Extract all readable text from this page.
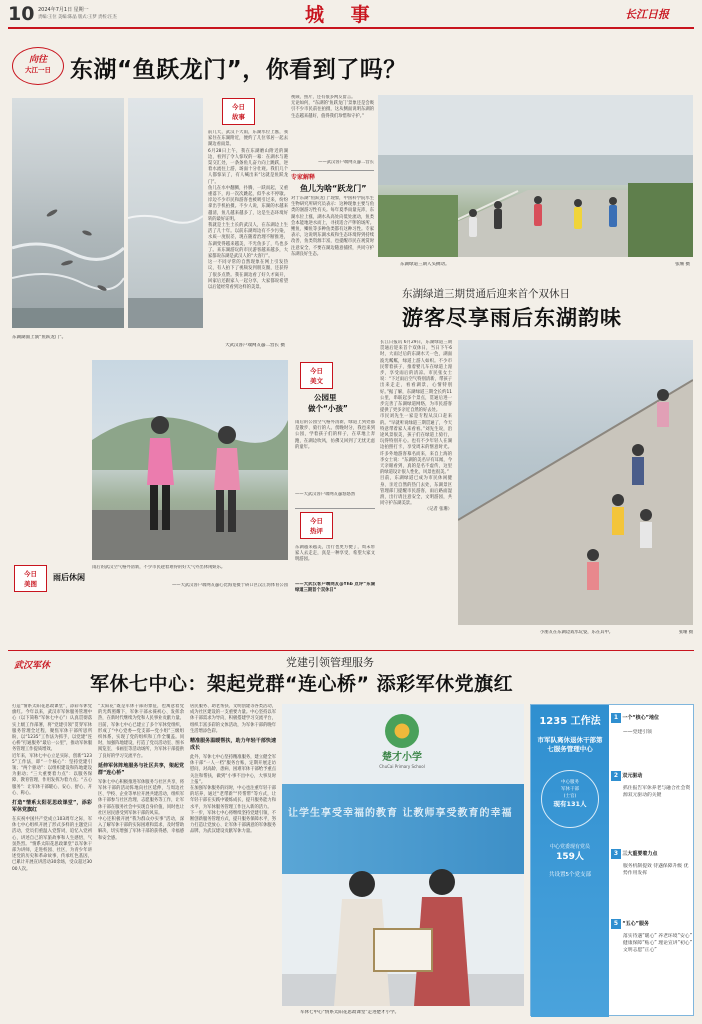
10 2024年7月1日 星期一
责编:王位 美编:陈晶 版式:王梦 责校:汪杰	城 事	长江日报
向往
大江一日 东湖“鱼跃龙门”，你看到了吗？
东湖湖面上演“鱼跃龙门”。
大武汉客户端网友@二营长 摄
今日
故事

前几天，武汉下大雨，东湖水位上涨，我家住在东湖附近，便约了几位邻居一起去湖边看雨景。

6月28日上午，我在东湖磨山附近的湖边，看到了令人惊叹的一幕：在湖水与港渠交汇处，一条条鱼儿奋力向上跳跃，逆着水流往上游，场面十分壮观。我们几个人都惊呆了，有人喊出来“这就是鱼跃龙门”。

鱼儿在水中翻腾，扑腾，一跃而起，又重重落下，再一次次跳起，似乎永不停歇。岸边不少市民和游客也被吸引过来，纷纷拿出手机拍摄。不少人说，东湖的水越来越清，鱼儿越来越多了，这是生态环境好转的最好证明。

我就是土生土长的武汉人，在东湖边上生活了几十年。以前东湖周边有不少污染，水质一度很差，现在随着治理不断推进，东湖变得越来越美，不光鱼多了，鸟也多了。来东湖游玩的市民游客越来越多，大家都说东湖是武汉人的“大客厅”。

这一不同寻常的自然现象在网上引发热议，有人拍下了视频发到朋友圈，还获得了很多点赞。我在湖边看了好久才离开，回家后还跟家人一起分享，大家都说希望以后能经常看到这样的美景。

视频、照片，还有很多网友留言。

无论如何，“东湖的‘鱼跃龙门’景象还是会吸引不少市民前往拍摄，这从侧面说明东湖的生态越来越好，值得我们珍惜和守护。”

——武汉客户端网友@二营长
专家解释
鱼儿为啥“跃龙门”
对于东湖“鱼跃龙门”现象，中国科学院水生生物研究所研究员表示：这种现象主要与鱼类的洄游习性有关。每年夏季雨量充沛，东湖水位上涨，湖水从高处向低处流动，鱼类会本能地逆水而上，寻找适合产卵的场所。鲤鱼、鲫鱼等多种鱼类都有这种习性。专家表示，这说明东湖水质和生态环境得到持续改善，鱼类资源丰富，也提醒市民在观赏时注意安全，不要在湖边随意捕捞，共同守护东湖良好生态。
东湖绿道三期人头攒动。	张珊 摄
东湖绿道三期贯通后迎来首个双休日
游客尽享雨后东湖韵味
今日
美文
公园里
做个“小孩”
雨后的公园空气格外清新，绿道上到处都是散步、骑行的人。傍晚时分，我也来到公园，学着孩子们的样子，在草地上奔跑，在湖边吹风，仿佛又回到了无忧无虑的童年。
——大武汉客户端网友@悠悠然
今日
热评
东湖越来越美，出行也更方便了，周末带家人去走走，真是一种享受，希望大家文明游园。
——大武汉客户端网友@Yhb 点评“东湖绿道三期首个双休日”
今日
美图
雨后休闲
雨后的武汉空气格外清新，不少市民趁着难得的好天气外出休闲娱乐。
——大武汉客户端网友@心比海宽摄于硚口区汉江湾体育公园

长江日报讯 6月29日，东湖绿道三期贯通后迎来首个双休日，当日下午6时，大雨过后的东湖水天一色，湖面波光粼粼，绿道上游人如织。不少市民带着孩子、推着婴儿车在绿道上漫步，享受雨后的清凉。市民张女士说：“下过雨后空气特别清新，带孩子出来走走，看看湖景，心情特别好。”据了解，东湖绿道三期全长约11公里，串联起多个景点，贯通后进一步完善了东湖绿道网络，为市民游客提供了更多亲近自然的好去处。

市民刘先生一家是专程从汉口赶来的。“早就听说绿道三期贯通了，今天特意带着家人来看看。”刘先生说，沿途风景很美，孩子们在绿道上骑行，玩得特别开心。也有不少年轻人在湖边拍照打卡，享受周末的惬意时光。许多外地游客慕名而来，来自上海的李女士说：“东湖的美名早有耳闻，今天亲眼看到，真的是名不虚传，这里的绿道设计很人性化，风景也很美。”

目前，东湖绿道已成为市民休闲健身、亲近自然的热门去处，东湖景区管理部门提醒市民游客，雨后路面湿滑，出行请注意安全，文明游园，共同守护东湖美景。

（记者 张珊）

小朋友在东湖边戏水玩耍，乐在其中。	张珊 摄
武汉军休	党建引领管理服务
军休七中心：架起党群“连心桥” 添彩军休党旗红

打造“情系太阳花思政课堂”，添彩军休党旗红。今年以来，武汉市军休服务管理中心（以下简称“军休七中心”）认真贯彻落实上级工作部署，将“党建引领”贯穿军休服务管理全过程，聚焦军休干部所思所盼，以“1235”工作法为抓手，以党建“连心桥”打通服务“最后一公里”，推动军休服务管理工作提质增效。

近年来，军休七中心立足实际，创新“1235”工作法，即“一个核心”：坚持党建引领；“两个驱动”：以组织建设和阵地建设为驱动；“三大重要着力点”：以服务保障、教育管理、作用发挥为着力点；“五心服务”：让军休干部暖心、安心、舒心、开心、称心。

打造“情系太阳花思政课堂”，添彩军休党旗红

在庆祝中国共产党成立103周年之际，军休七中心组织开展了形式多样的主题党日活动，党员们重温入党誓词，追忆入党初心，讲述自己的军旅故事和人生感悟，气氛热烈。“情系太阳花思政课堂”以军休干部为讲师，走进校园、社区，为青少年讲述党的历史和革命故事，传承红色基因，已累计开展宣讲活动30余场，受众超过3000人次。

“太阳花”既是军休干部的象征，也寓意着党的光辉照耀下，军休干部永葆初心、发挥余热，在新时代继续为党和人民事业贡献力量。

目前，军休七中心已建立了多个军休党组织，形成了“中心党委—党支部—党小组”三级组织体系，实现了党的组织和工作全覆盖。同时，加强阵地建设，打造了党员活动室、图书阅览室、书画室等活动场所，为军休干部提供了良好的学习交流平台。

延伸军休阵地服务与社区共享，架起党群“连心桥”

军休七中心积极推进军休服务与社区共享，将军休干部的活动阵地向社区延伸，与周边社区、学校、企业等单位开展共建活动，组织军休干部参与社区治理、志愿服务等工作，让军休干部在服务社会中实现自身价值，同时也让社区居民感受到军休干部的风采。

中心还积极开展“我为群众办实事”活动，深入了解军休干部的实际困难和需求，及时帮助解决，切实增强了军休干部的获得感、幸福感和安全感。

居民服务、助老帮扶、文明创建等各类活动，成为社区建设的一支重要力量。中心坚持以军休干部需求为导向，积极搭建学习交流平台，组织丰富多彩的文体活动，为军休干部的晚年生活增添色彩。

精准服务温暖帮扶，助力年轻干部快速成长

此外，军休七中心坚持精准服务，建立健全军休干部“一人一档”服务台账，定期开展走访慰问，对高龄、患病、困难军休干部给予重点关注和帮扶，做到“小事不出中心，大事及时上报”。

在加强军休服务的同时，中心也注重年轻干部的培养，通过“老带新”“传帮带”等方式，让年轻干部在实践中锻炼成长，提升服务能力和水平，为军休服务管理工作注入新的活力。

下一步，军休七中心将继续坚持党建引领，不断创新服务管理方式，提升服务保障水平，努力打造让党放心、让军休干部满意的军休服务品牌，为武汉建设贡献军休力量。

让学生享受幸福的教育 让教师享受教育的幸福
楚才小学
ChuCai Primary School
军休七中心“情系太阳花思政课堂”走进楚才小学。
1235 工作法
市军队离休退休干部第七服务管理中心
中心服务
军休干部
(士官)
现有131人
中心党委现有党员
159人
共设置5个党支部
1 一个“核心”地位
——党建引领
2 双元驱动
抓住报告军休养老与融合社会资源双元驱动的关键
3 三大重要着力点
服务机制提效 待遇保障升级 优势作用发挥
5 “五心”服务
落实待遇“暖心” 养老环境“安心” 健康保障“贴心” 理论宣讲“初心” 文明志愿“正心”
